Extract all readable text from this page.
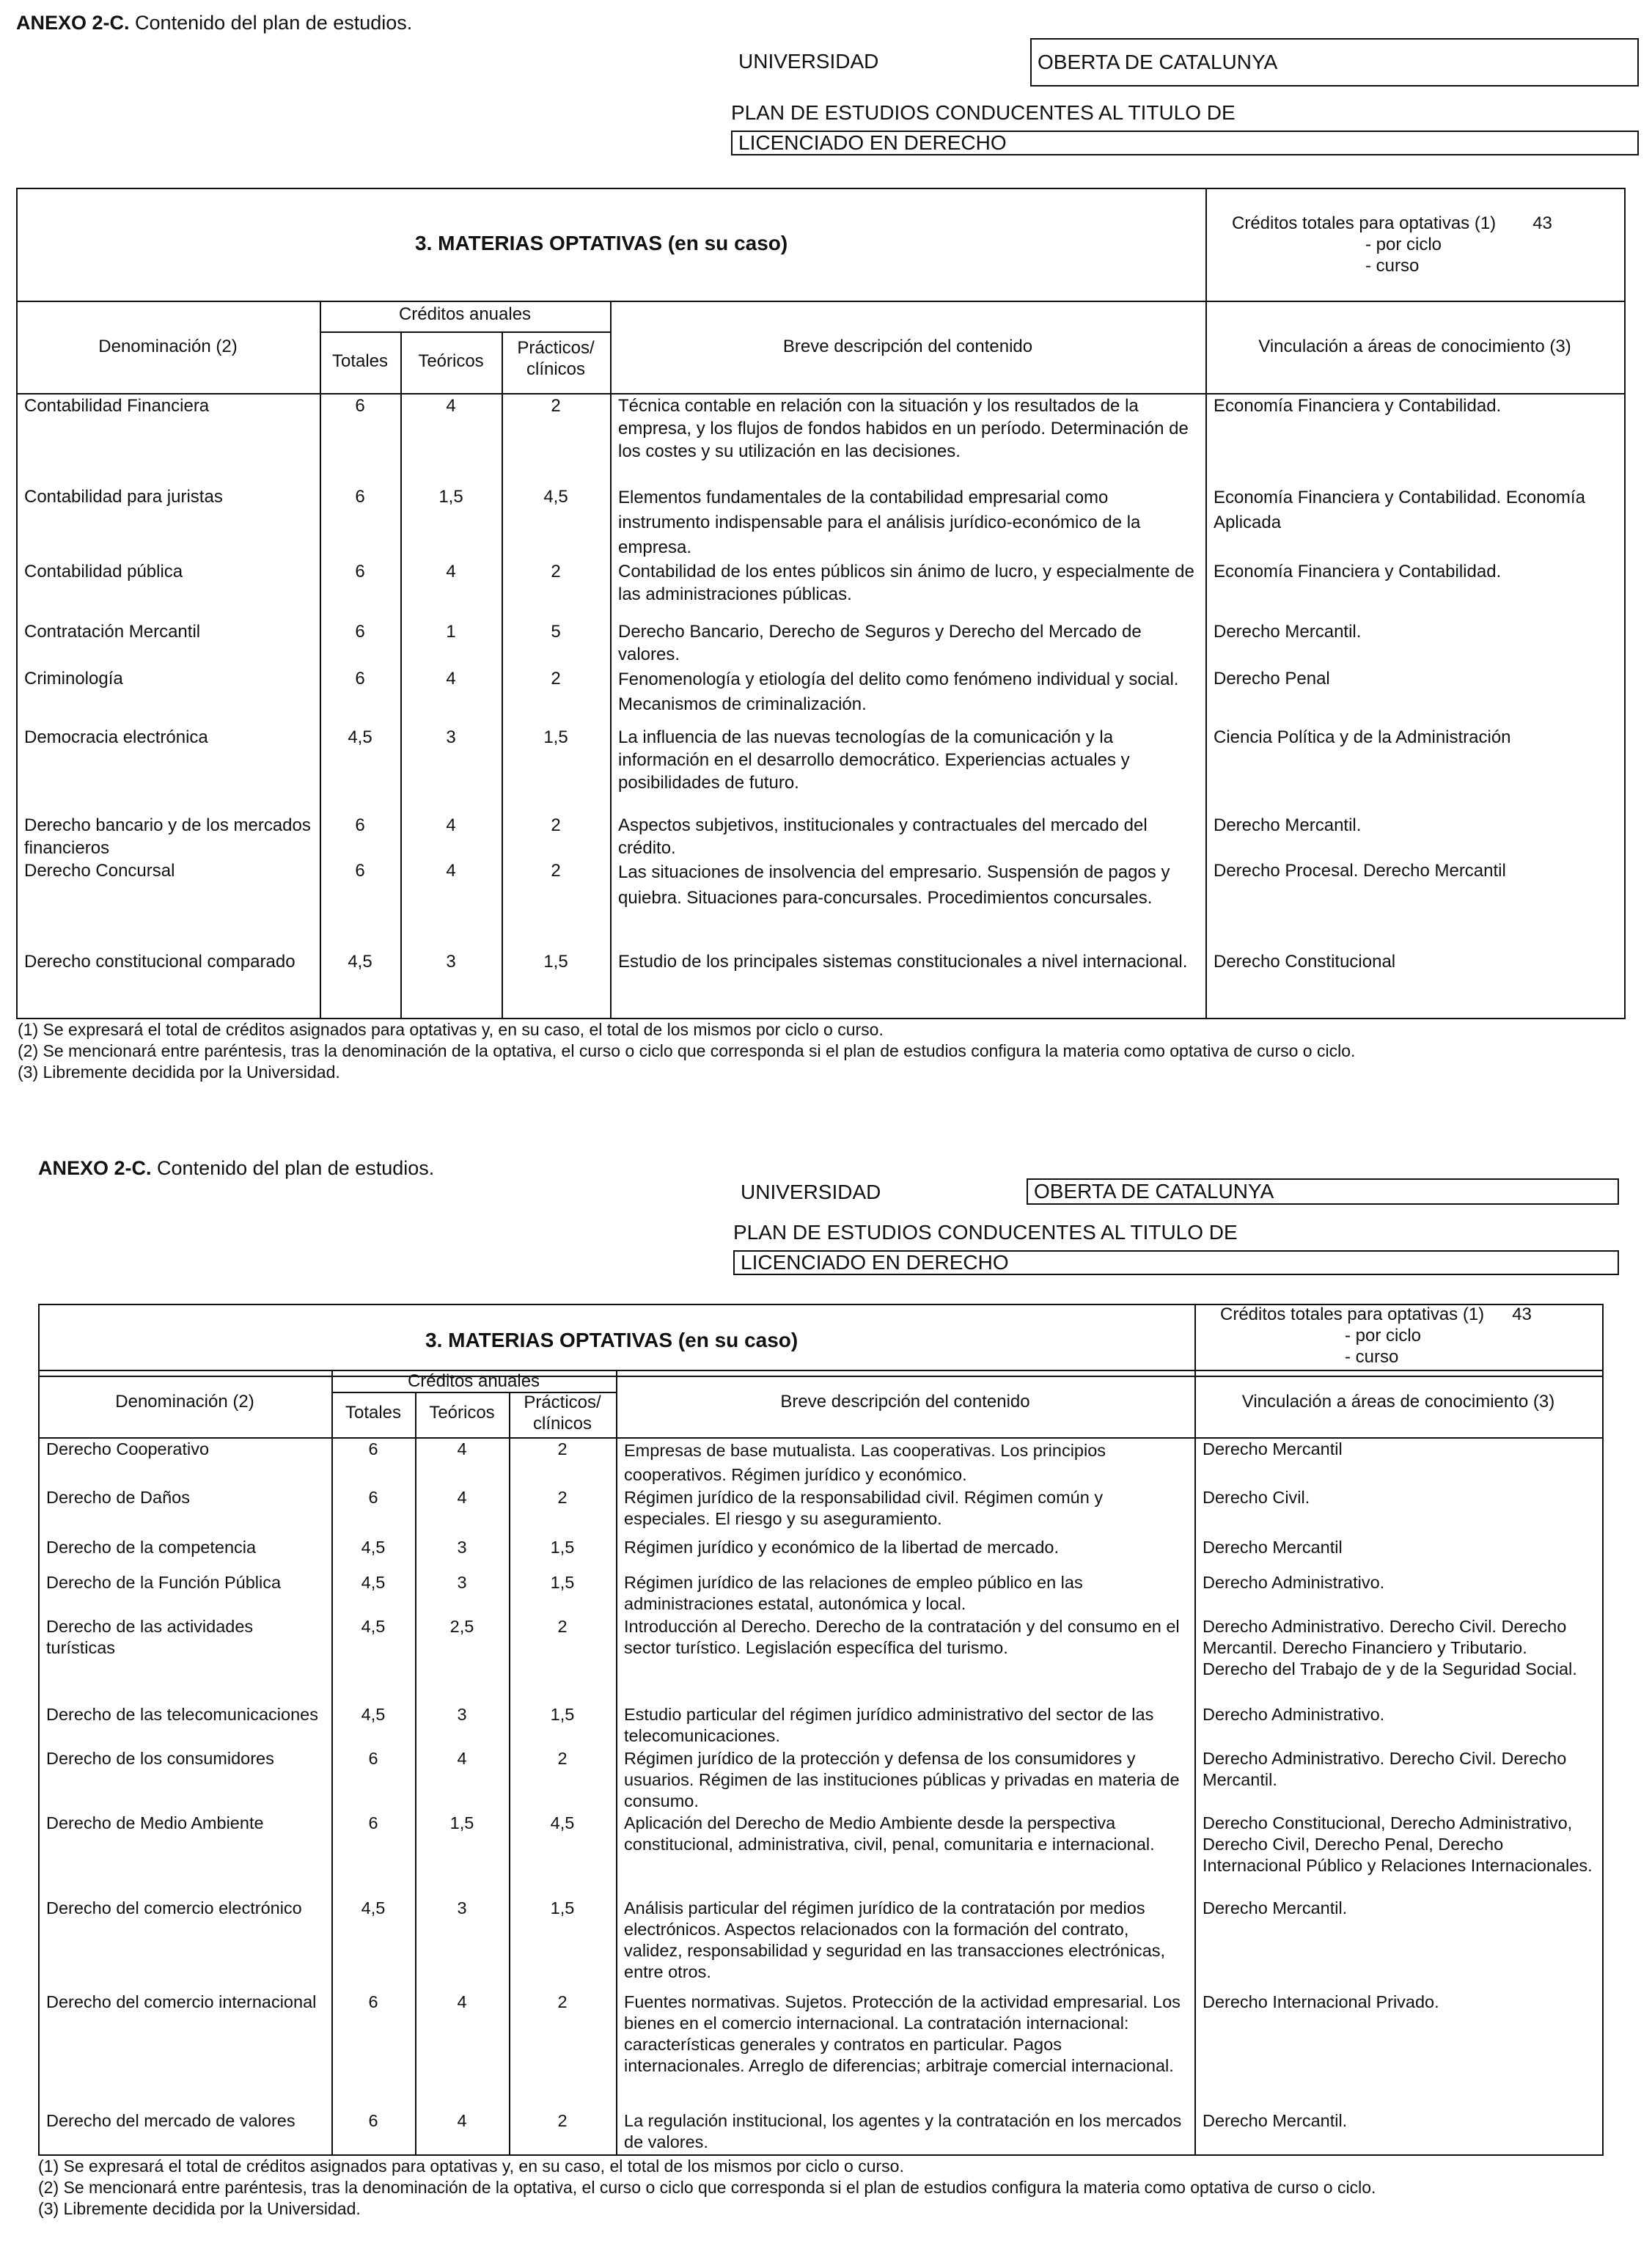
ANEXO 2-C. Contenido del plan de estudios.
UNIVERSIDAD	OBERTA DE CATALUNYA
PLAN DE ESTUDIOS CONDUCENTES AL TITULO DE
LICENCIADO EN DERECHO
3. MATERIAS OPTATIVAS (en su caso)
Créditos totales para optativas (1) 43
- por ciclo
- curso
Denominación (2)
Créditos anuales
Totales	Teóricos
Prácticos/ clínicos
Breve descripción del contenido	Vinculación a áreas de conocimiento (3)
Contabilidad Financiera	6	4	2	Técnica contable en relación con la situación y los resultados de la empresa, y los flujos de fondos habidos en un período. Determinación de los costes y su utilización en las decisiones.	Economía Financiera y Contabilidad.
Contabilidad para juristas	6	1,5	4,5	Elementos fundamentales de la contabilidad empresarial como instrumento indispensable para el análisis jurídico-económico de la empresa.	Economía Financiera y Contabilidad. Economía Aplicada
Contabilidad pública	6	4	2	Contabilidad de los entes públicos sin ánimo de lucro, y especialmente de las administraciones públicas.	Economía Financiera y Contabilidad.
Contratación Mercantil	6	1	5	Derecho Bancario, Derecho de Seguros y Derecho del Mercado de valores.	Derecho Mercantil.
Criminología	6	4	2	Fenomenología y etiología del delito como fenómeno individual y social. Mecanismos de criminalización.	Derecho Penal
Democracia electrónica	4,5	3	1,5	La influencia de las nuevas tecnologías de la comunicación y la información en el desarrollo democrático. Experiencias actuales y posibilidades de futuro.	Ciencia Política y de la Administración
Derecho bancario y de los mercados financieros	6	4	2	Aspectos subjetivos, institucionales y contractuales del mercado del crédito.	Derecho Mercantil.
Derecho Concursal	6	4	2	Las situaciones de insolvencia del empresario. Suspensión de pagos y quiebra. Situaciones para-concursales. Procedimientos concursales.	Derecho Procesal. Derecho Mercantil
Derecho constitucional comparado	4,5	3	1,5	Estudio de los principales sistemas constitucionales a nivel internacional.	Derecho Constitucional
(1) Se expresará el total de créditos asignados para optativas y, en su caso, el total de los mismos por ciclo o curso.
(2) Se mencionará entre paréntesis, tras la denominación de la optativa, el curso o ciclo que corresponda si el plan de estudios configura la materia como optativa de curso o ciclo.
(3) Libremente decidida por la Universidad.
ANEXO 2-C. Contenido del plan de estudios.
UNIVERSIDAD	OBERTA DE CATALUNYA
PLAN DE ESTUDIOS CONDUCENTES AL TITULO DE
LICENCIADO EN DERECHO
3. MATERIAS OPTATIVAS (en su caso)
Créditos totales para optativas (1) 43
- por ciclo
- curso
Denominación (2)
Créditos anuales
Totales	Teóricos
Prácticos/ clínicos
Breve descripción del contenido	Vinculación a áreas de conocimiento (3)
Derecho Cooperativo	6	4	2	Empresas de base mutualista. Las cooperativas. Los principios cooperativos. Régimen jurídico y económico.	Derecho Mercantil
Derecho de Daños	6	4	2	Régimen jurídico de la responsabilidad civil. Régimen común y especiales. El riesgo y su aseguramiento.	Derecho Civil.
Derecho de la competencia	4,5	3	1,5	Régimen jurídico y económico de la libertad de mercado.	Derecho Mercantil
Derecho de la Función Pública	4,5	3	1,5	Régimen jurídico de las relaciones de empleo público en las administraciones estatal, autonómica y local.	Derecho Administrativo.
Derecho de las actividades turísticas	4,5	2,5	2	Introducción al Derecho. Derecho de la contratación y del consumo en el sector turístico. Legislación específica del turismo.	Derecho Administrativo. Derecho Civil. Derecho Mercantil. Derecho Financiero y Tributario. Derecho del Trabajo de y de la Seguridad Social.
Derecho de las telecomunicaciones	4,5	3	1,5	Estudio particular del régimen jurídico administrativo del sector de las telecomunicaciones.	Derecho Administrativo.
Derecho de los consumidores	6	4	2	Régimen jurídico de la protección y defensa de los consumidores y usuarios. Régimen de las instituciones públicas y privadas en materia de consumo.	Derecho Administrativo. Derecho Civil. Derecho Mercantil.
Derecho de Medio Ambiente	6	1,5	4,5	Aplicación del Derecho de Medio Ambiente desde la perspectiva constitucional, administrativa, civil, penal, comunitaria e internacional.	Derecho Constitucional, Derecho Administrativo, Derecho Civil, Derecho Penal, Derecho Internacional Público y Relaciones Internacionales.
Derecho del comercio electrónico	4,5	3	1,5	Análisis particular del régimen jurídico de la contratación por medios electrónicos. Aspectos relacionados con la formación del contrato, validez, responsabilidad y seguridad en las transacciones electrónicas, entre otros.	Derecho Mercantil.
Derecho del comercio internacional	6	4	2	Fuentes normativas. Sujetos. Protección de la actividad empresarial. Los bienes en el comercio internacional. La contratación internacional: características generales y contratos en particular. Pagos internacionales. Arreglo de diferencias; arbitraje comercial internacional.	Derecho Internacional Privado.
Derecho del mercado de valores	6	4	2	La regulación institucional, los agentes y la contratación en los mercados de valores.	Derecho Mercantil.
(1) Se expresará el total de créditos asignados para optativas y, en su caso, el total de los mismos por ciclo o curso.
(2) Se mencionará entre paréntesis, tras la denominación de la optativa, el curso o ciclo que corresponda si el plan de estudios configura la materia como optativa de curso o ciclo.
(3) Libremente decidida por la Universidad.
